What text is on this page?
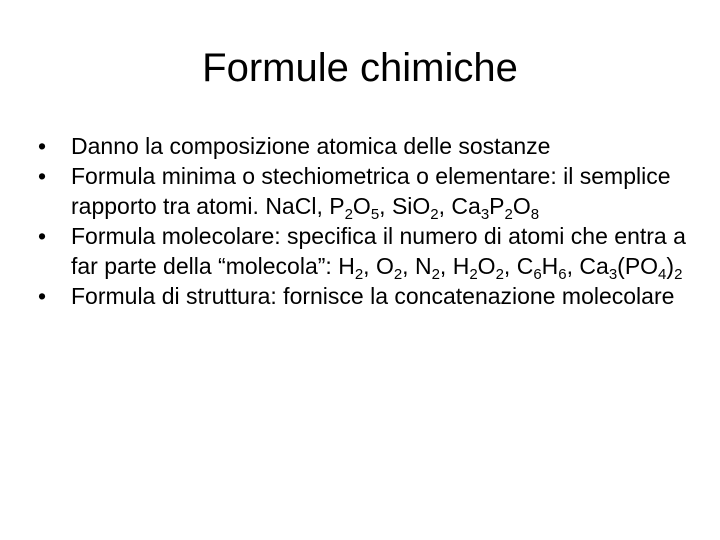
Formule chimiche
•	Danno la composizione atomica delle sostanze
•	Formula minima o stechiometrica o elementare: il semplice rapporto tra atomi. NaCl, $P_2O_5$, SiO$_2$, $Ca_3P_2O_8$
•	Formula molecolare: specifica il numero di atomi che entra a far parte della “molecola”: $H_2$, $O_2$, $N_2$, $H_2O_2$, $C_6H_6$, $Ca_3(PO_4)_2$
•	Formula di struttura: fornisce la concatenazione molecolare
